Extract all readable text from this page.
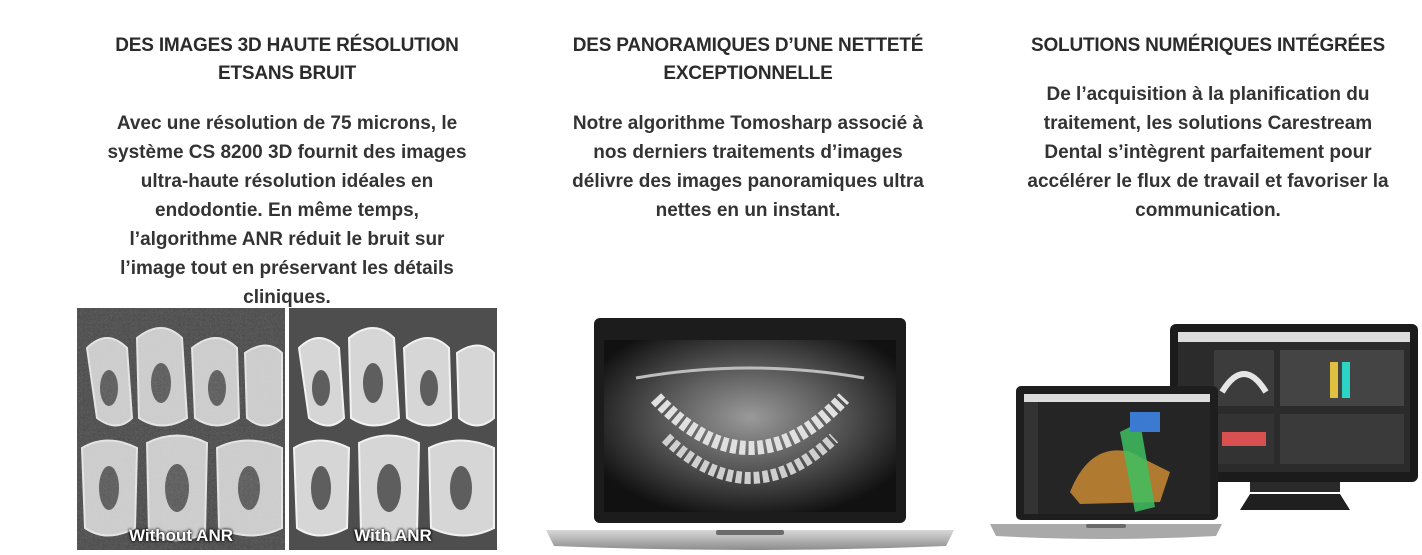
DES IMAGES 3D HAUTE RÉSOLUTION
ETSANS BRUIT
Avec une résolution de 75 microns, le
système CS 8200 3D fournit des images
ultra-haute résolution idéales en
endodontie. En même temps,
l’algorithme ANR réduit le bruit sur
l’image tout en préservant les détails
cliniques.
Without ANR	With ANR
DES PANORAMIQUES D’UNE NETTETÉ
EXCEPTIONNELLE
Notre algorithme Tomosharp associé à
nos derniers traitements d’images
délivre des images panoramiques ultra
nettes en un instant.
SOLUTIONS NUMÉRIQUES INTÉGRÉES
De l’acquisition à la planification du
traitement, les solutions Carestream
Dental s’intègrent parfaitement pour
accélérer le flux de travail et favoriser la
communication.
